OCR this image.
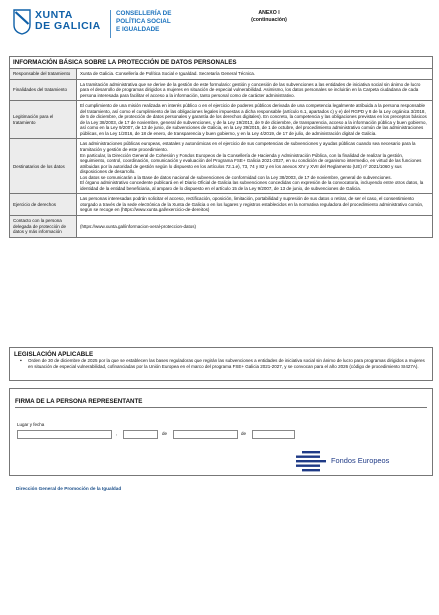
XUNTA
DE GALICIA
CONSELLERÍA DE
POLÍTICA SOCIAL
E IGUALDADE
ANEXO I
(continuación)
INFORMACIÓN BÁSICA SOBRE LA PROTECCIÓN DE DATOS PERSONALES
Responsable del tratamiento	Xunta de Galicia. Consellería de Política Social e Igualdad. Secretaría General Técnica.

Finalidades del tratamiento	La tramitación administrativa que se derive de la gestión de este formulario: gestión y concesión de las subvenciones a las entidades de iniciativa social sin ánimo de lucro para el desarrollo de programas dirigidos a mujeres en situación de especial vulnerabilidad. Asimismo, los datos personales se incluirán en la Carpeta ciudadana de cada persona interesada para facilitar el acceso a la información, tanto personal como de carácter administrativo.

Legitimación para el tratamiento	El cumplimiento de una misión realizada en interés público o en el ejercicio de poderes públicos derivada de una competencia legalmente atribuida a la persona responsable del tratamiento, así como el cumplimiento de las obligaciones legales impuestas a dicha responsable (artículo 6.1, apartados c) y e) del RGPD y 8 de la Ley orgánica 3/2018, de 5 de diciembre, de protección de datos personales y garantía de los derechos digitales). En concreto, la competencia y las obligaciones previstas en los preceptos básicos de la Ley 38/2003, de 17 de noviembre, general de subvenciones, y de la Ley 19/2013, de 9 de diciembre, de transparencia, acceso a la información pública y buen gobierno, así como en la Ley 9/2007, de 13 de junio, de subvenciones de Galicia, en la Ley 39/2015, de 1 de octubre, del procedimiento administrativo común de las administraciones públicas, en la Ley 1/2016, de 18 de enero, de transparencia y buen gobierno, y en la Ley 4/2019, de 17 de julio, de administración digital de Galicia.

Destinatarios de los datos	Las administraciones públicas europeas, estatales y autonómicas en el ejercicio de sus competencias de subvenciones y ayudas públicas cuando sea necesario para la tramitación y gestión de este procedimiento.
En particular, la Dirección General de Cohesión y Fondos Europeos de la Consellería de Hacienda y Administración Pública, con la finalidad de realizar la gestión, seguimiento, control, coordinación, comunicación y evaluación del Programa FSE+ Galicia 2021-2027, en su condición de organismo intermedio, en virtud de las funciones atribuidas por la autoridad de gestión según lo dispuesto en los artículos 72.1.e), 73, 74 y 82 y en los anexos XIV y XVII del Reglamento (UE) nº 2021/1060 y sus disposiciones de desarrollo.
Los datos se comunicarán a la Base de datos nacional de subvenciones de conformidad con la Ley 38/2003, de 17 de noviembre, general de subvenciones.
El órgano administrativo concedente publicará en el Diario Oficial de Galicia las subvenciones concedidas con expresión de la convocatoria, incluyendo entre otros datos, la identidad de la entidad beneficiaria, al amparo de lo dispuesto en el artículo 15 de la Ley 9/2007, de 13 de junio, de subvenciones de Galicia.

Ejercicio de derechos	Las personas interesadas podrán solicitar el acceso, rectificación, oposición, limitación, portabilidad y supresión de sus datos o retirar, de ser el caso, el consentimiento otorgado a través de la sede electrónica de la Xunta de Galicia o en los lugares y registros establecidos en la normativa reguladora del procedimiento administrativo común, según se recoge en (https://www.xunta.gal/exercicio-de-dereitos)

Contacto con la persona delegada de protección de datos y más información	(https://www.xunta.gal/informacion-xeral-proteccion-datos)
LEGISLACIÓN APLICABLE
▪ Orden de 30 de diciembre de 2025 por la que se establecen las bases reguladoras que regirán las subvenciones a entidades de iniciativa social sin ánimo de lucro para programas dirigidos a mujeres en situación de especial vulnerabilidad, cofinanciadas por la Unión Europea en el marco del programa FSE+ Galicia 2021-2027, y se convocan para el año 2026 (código de procedimiento SI427A).
FIRMA DE LA PERSONA REPRESENTANTE
Lugar y fecha
,	de	de
Fondos Europeos
Dirección General de Promoción de la Igualdad
